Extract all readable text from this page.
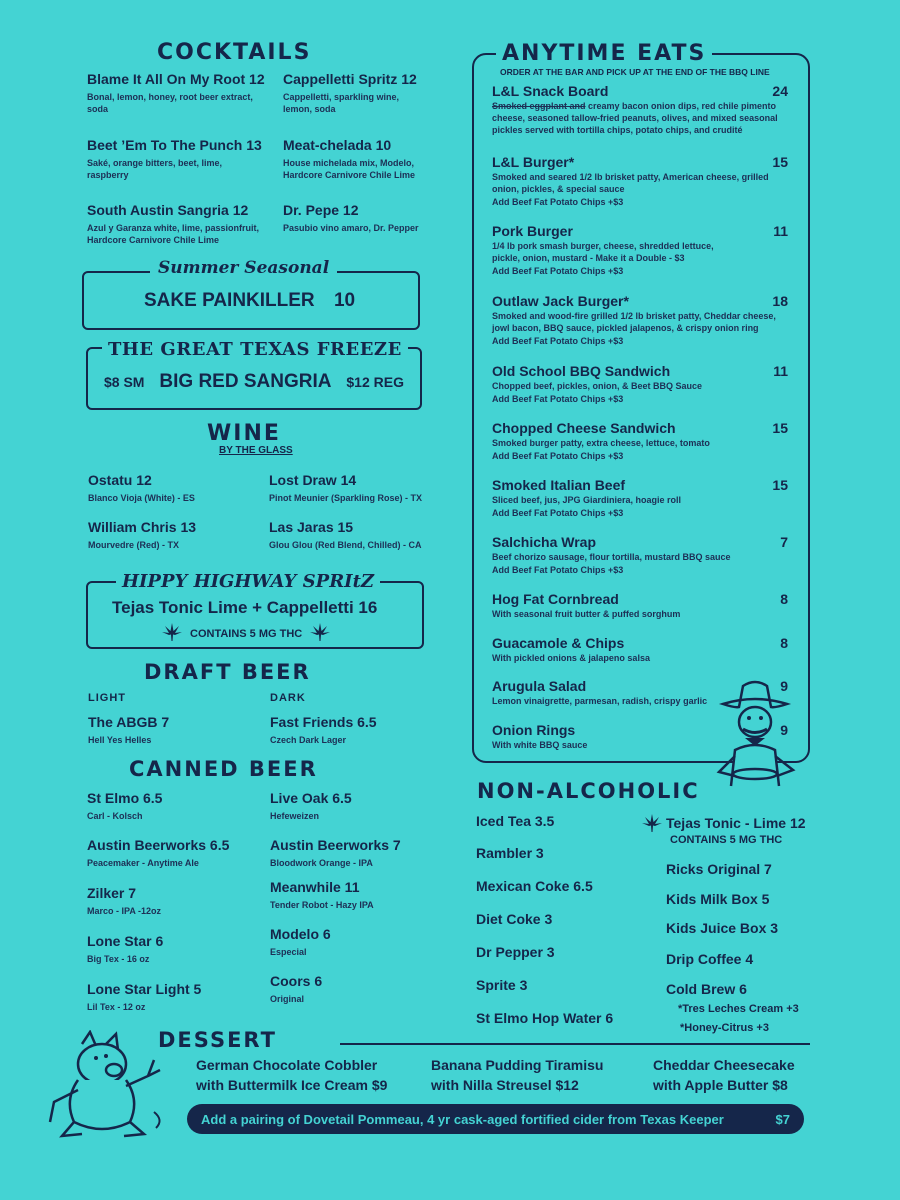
COCKTAILS
Blame It All On My Root 12
Bonal, lemon, honey, root beer extract, soda
Cappelletti Spritz 12
Cappelletti, sparkling wine, lemon, soda
Beet ’Em To The Punch 13
Saké, orange bitters, beet, lime, raspberry
Meat-chelada 10
House michelada mix, Modelo, Hardcore Carnivore Chile Lime
South Austin Sangria 12
Azul y Garanza white, lime, passionfruit, Hardcore Carnivore Chile Lime
Dr. Pepe 12
Pasubio vino amaro, Dr. Pepper
Summer Seasonal
SAKE PAINKILLER 10
THE GREAT TEXAS FREEZE
$8 SM BIG RED SANGRIA $12 REG
WINE
BY THE GLASS
Ostatu 12
Blanco Vioja (White) - ES
Lost Draw 14
Pinot Meunier (Sparkling Rose) - TX
William Chris 13
Mourvedre (Red) - TX
Las Jaras 15
Glou Glou (Red Blend, Chilled) - CA
HIPPY HIGHWAY SPRItZ
Tejas Tonic Lime + Cappelletti 16
CONTAINS 5 MG THC
DRAFT BEER
LIGHT	DARK
The ABGB 7
Hell Yes Helles
Fast Friends 6.5
Czech Dark Lager
CANNED BEER
St Elmo 6.5
Carl - Kolsch
Live Oak 6.5
Hefeweizen
Austin Beerworks 6.5
Peacemaker - Anytime Ale
Austin Beerworks 7
Bloodwork Orange - IPA
Zilker 7
Marco - IPA -12oz
Meanwhile 11
Tender Robot - Hazy IPA
Lone Star 6
Big Tex - 16 oz
Modelo 6
Especial
Lone Star Light 5
Lil Tex - 12 oz
Coors 6
Original
ANYTIME EATS
ORDER AT THE BAR AND PICK UP AT THE END OF THE BBQ LINE
L&L Snack Board	24
Smoked eggplant and creamy bacon onion dips, red chile pimento cheese, seasoned tallow-fried peanuts, olives, and mixed seasonal pickles served with tortilla chips, potato chips, and crudité
L&L Burger*	15
Smoked and seared 1/2 lb brisket patty, American cheese, grilled onion, pickles, & special sauce
Add Beef Fat Potato Chips +$3
Pork Burger	11
1/4 lb pork smash burger, cheese, shredded lettuce, pickle, onion, mustard - Make it a Double - $3
Add Beef Fat Potato Chips +$3
Outlaw Jack Burger*	18
Smoked and wood-fire grilled 1/2 lb brisket patty, Cheddar cheese, jowl bacon, BBQ sauce, pickled jalapenos, & crispy onion ring
Add Beef Fat Potato Chips +$3
Old School BBQ Sandwich	11
Chopped beef, pickles, onion, & Beet BBQ Sauce
Add Beef Fat Potato Chips +$3
Chopped Cheese Sandwich	15
Smoked burger patty, extra cheese, lettuce, tomato
Add Beef Fat Potato Chips +$3
Smoked Italian Beef	15
Sliced beef, jus, JPG Giardiniera, hoagie roll
Add Beef Fat Potato Chips +$3
Salchicha Wrap	7
Beef chorizo sausage, flour tortilla, mustard BBQ sauce
Add Beef Fat Potato Chips +$3
Hog Fat Cornbread	8
With seasonal fruit butter & puffed sorghum
Guacamole & Chips	8
With pickled onions & jalapeno salsa
Arugula Salad	9
Lemon vinaigrette, parmesan, radish, crispy garlic
Onion Rings	9
With white BBQ sauce
NON-ALCOHOLIC
Iced Tea 3.5
Rambler 3
Mexican Coke 6.5
Diet Coke 3
Dr Pepper 3
Sprite 3
St Elmo Hop Water 6
Tejas Tonic - Lime 12
CONTAINS 5 MG THC
Ricks Original 7
Kids Milk Box 5
Kids Juice Box 3
Drip Coffee 4
Cold Brew 6
*Tres Leches Cream +3
*Honey-Citrus +3
DESSERT
German Chocolate Cobbler
with Buttermilk Ice Cream $9
Banana Pudding Tiramisu
with Nilla Streusel $12
Cheddar Cheesecake
with Apple Butter $8
Add a pairing of Dovetail Pommeau, 4 yr cask-aged fortified cider from Texas Keeper	$7
